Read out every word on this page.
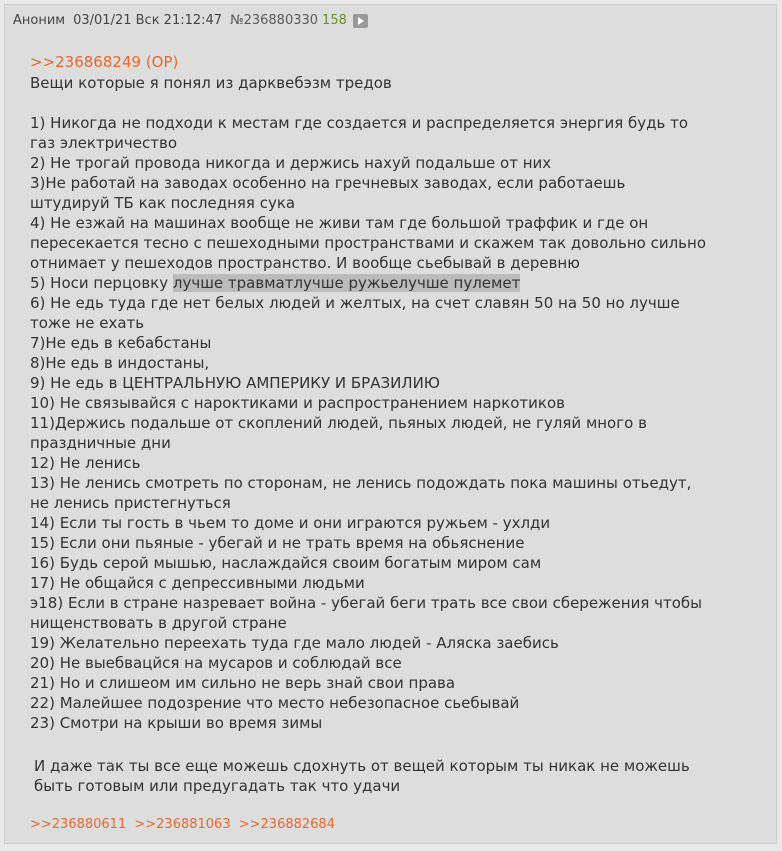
Аноним 03/01/21 Вск 21:12:47 №236880330 158
>>236868249 (OP)
Вещи которые я понял из дарквебэзм тредов
1) Никогда не подходи к местам где создается и распределяется энергия будь то
газ электричество
2) Не трогай провода никогда и держись нахуй подальше от них
3)Не работай на заводах особенно на гречневых заводах, если работаешь
штудируй ТБ как последняя сука
4) Не езжай на машинах вообще не живи там где большой траффик и где он
пересекается тесно с пешеходными пространствами и скажем так довольно сильно
отнимает у пешеходов пространство. И вообще сьебывай в деревню
5) Носи перцовку лучше травматлучше ружьелучше пулемет
6) Не едь туда где нет белых людей и желтых, на счет славян 50 на 50 но лучше
тоже не ехать
7)Не едь в кебабстаны
8)Не едь в индостаны,
9) Не едь в ЦЕНТРАЛЬНУЮ АМПЕРИКУ И БРАЗИЛИЮ
10) Не связывайся с нароктиками и распространением наркотиков
11)Держись подальше от скоплений людей, пьяных людей, не гуляй много в
праздничные дни
12) Не ленись
13) Не ленись смотреть по сторонам, не ленись подождать пока машины отьедут,
не ленись пристегнуться
14) Если ты гость в чьем то доме и они играются ружьем - ухлди
15) Если они пьяные - убегай и не трать время на обьяснение
16) Будь серой мышью, наслаждайся своим богатым миром сам
17) Не общайся с депрессивными людьми
э18) Если в стране назревает война - убегай беги трать все свои сбережения чтобы
нищенствовать в другой стране
19) Желательно переехать туда где мало людей - Аляска заебись
20) Не выебвацйся на мусаров и соблюдай все
21) Но и слишеом им сильно не верь знай свои права
22) Малейшее подозрение что место небезопасное сьебывай
23) Смотри на крыши во время зимы
И даже так ты все еще можешь сдохнуть от вещей которым ты никак не можешь
быть готовым или предугадать так что удачи
>>236880611 >>236881063 >>236882684
